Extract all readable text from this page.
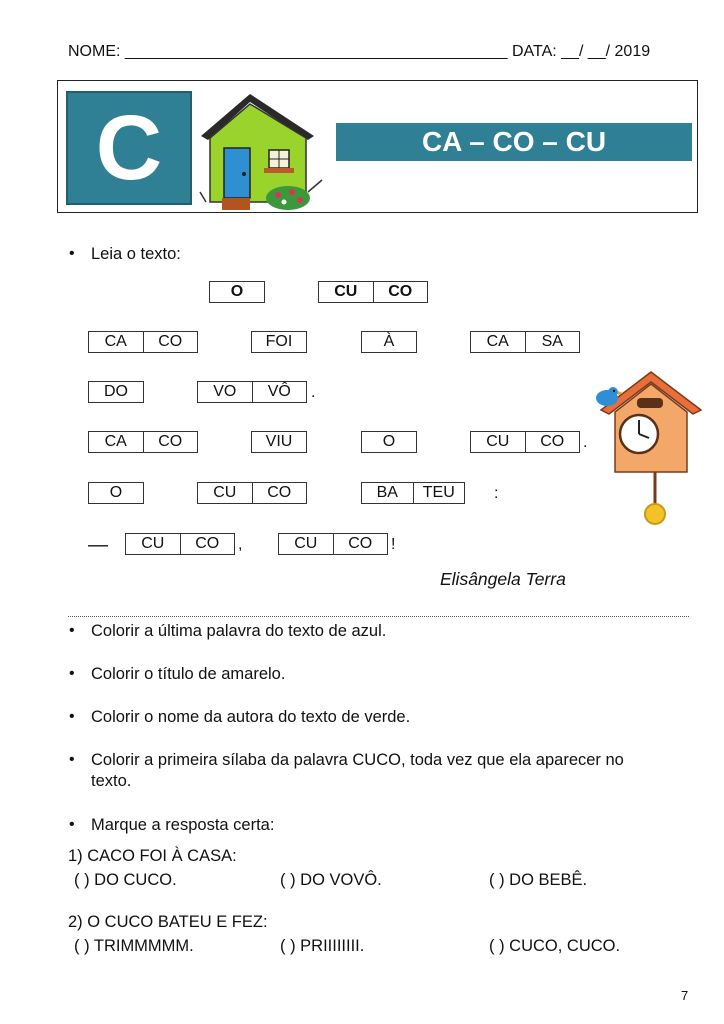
NOME: ___________________________________________ DATA: __/ __/ 2019
C	CA – CO – CU
• Leia o texto:
O	CU	CO
CA	CO	FOI	À	CA	SA
DO	VO	VÔ	.
CA	CO	VIU	O	CU	CO	.
O	CU	CO	BA	TEU	:
—	CU	CO	,	CU	CO	!
Elisângela Terra
• Colorir a última palavra do texto de azul.
• Colorir o título de amarelo.
• Colorir o nome da autora do texto de verde.
• Colorir a primeira sílaba da palavra CUCO, toda vez que ela aparecer no
texto.
• Marque a resposta certa:
1) CACO FOI À CASA:
( ) DO CUCO.	( ) DO VOVÔ.	( ) DO BEBÊ.
2) O CUCO BATEU E FEZ:
( ) TRIMMMMM.	( ) PRIIIIIIII.	( ) CUCO, CUCO.
7
